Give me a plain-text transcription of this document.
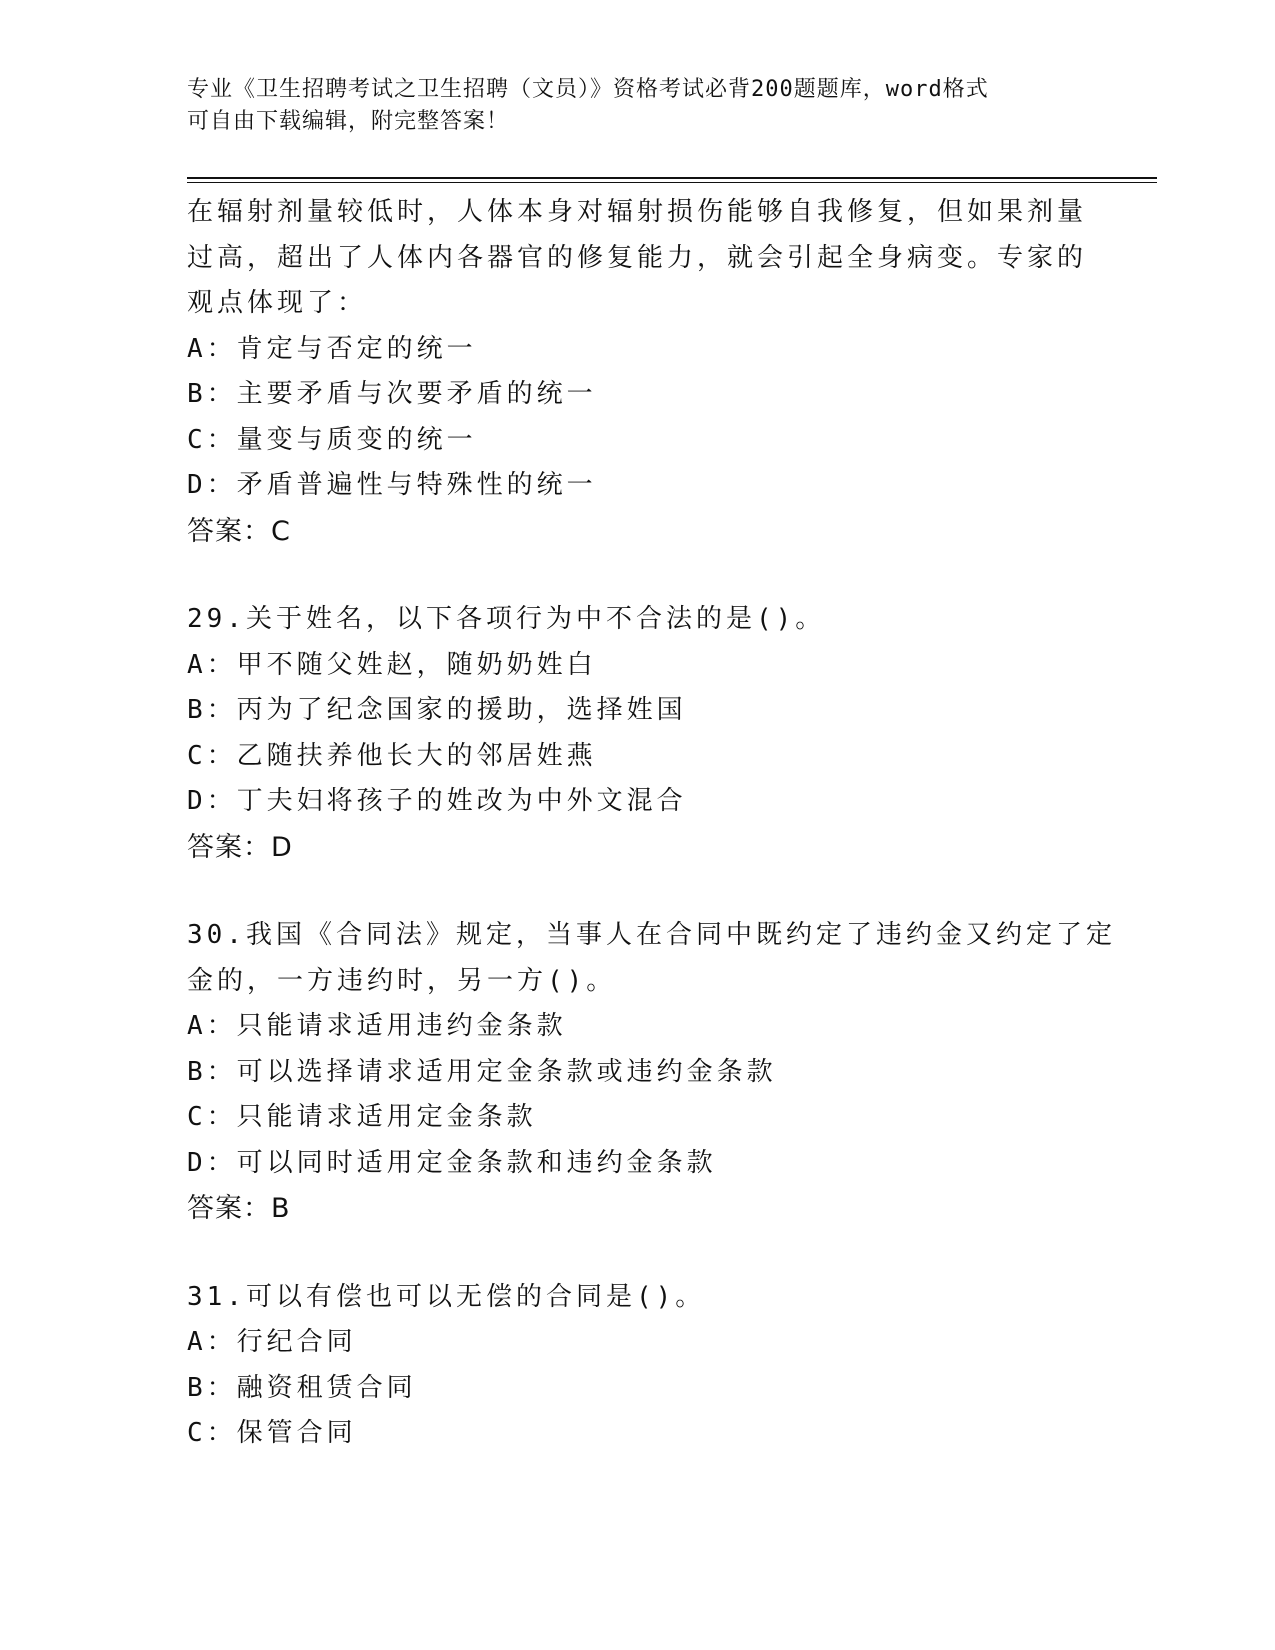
专业《卫生招聘考试之卫生招聘（文员）》资格考试必背200题题库，word格式
可自由下载编辑，附完整答案！
在辐射剂量较低时，人体本身对辐射损伤能够自我修复，但如果剂量
过高，超出了人体内各器官的修复能力，就会引起全身病变。专家的
观点体现了：
A：肯定与否定的统一
B：主要矛盾与次要矛盾的统一
C：量变与质变的统一
D：矛盾普遍性与特殊性的统一
答案：C
29.关于姓名，以下各项行为中不合法的是()。
A：甲不随父姓赵，随奶奶姓白
B：丙为了纪念国家的援助，选择姓国
C：乙随扶养他长大的邻居姓燕
D：丁夫妇将孩子的姓改为中外文混合
答案：D
30.我国《合同法》规定，当事人在合同中既约定了违约金又约定了定
金的，一方违约时，另一方()。
A：只能请求适用违约金条款
B：可以选择请求适用定金条款或违约金条款
C：只能请求适用定金条款
D：可以同时适用定金条款和违约金条款
答案：B
31.可以有偿也可以无偿的合同是()。
A：行纪合同
B：融资租赁合同
C：保管合同
